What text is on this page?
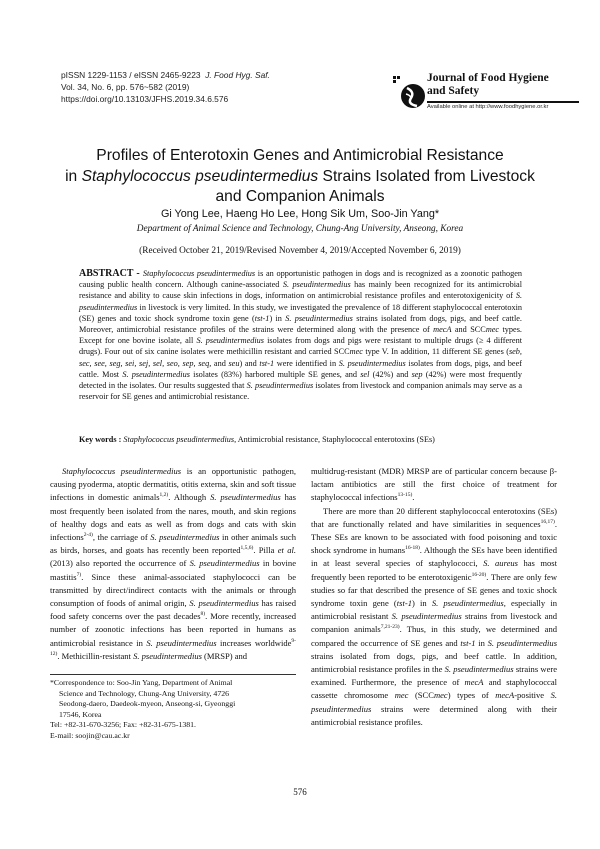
pISSN 1229-1153 / eISSN 2465-9223 J. Food Hyg. Saf.
Vol. 34, No. 6, pp. 576~582 (2019)
https://doi.org/10.13103/JFHS.2019.34.6.576
Journal of Food Hygiene
and Safety
Available online at http://www.foodhygiene.or.kr
Profiles of Enterotoxin Genes and Antimicrobial Resistance
in Staphylococcus pseudintermedius Strains Isolated from Livestock
and Companion Animals
Gi Yong Lee, Haeng Ho Lee, Hong Sik Um, Soo-Jin Yang*
Department of Animal Science and Technology, Chung-Ang University, Anseong, Korea
(Received October 21, 2019/Revised November 4, 2019/Accepted November 6, 2019)
ABSTRACT - Staphylococcus pseudintermedius is an opportunistic pathogen in dogs and is recognized as a zoonotic pathogen causing public health concern. Although canine-associated S. pseudintermedius has mainly been recognized for its antimicrobial resistance and ability to cause skin infections in dogs, information on antimicrobial resistance profiles and enterotoxigenicity of S. pseudintermedius in livestock is very limited. In this study, we investigated the prevalence of 18 different staphylococcal enterotoxin (SE) genes and toxic shock syndrome toxin gene (tst-1) in S. pseudintermedius strains isolated from dogs, pigs, and beef cattle. Moreover, antimicrobial resistance profiles of the strains were determined along with the presence of mecA and SCCmec types. Except for one bovine isolate, all S. pseudintermedius isolates from dogs and pigs were resistant to multiple drugs (≥ 4 different drugs). Four out of six canine isolates were methicillin resistant and carried SCCmec type V. In addition, 11 different SE genes (seb, sec, see, seg, sei, sej, sel, seo, sep, seq, and seu) and tst-1 were identified in S. pseudintermedius isolates from dogs, pigs, and beef cattle. Most S. pseudintermedius isolates (83%) harbored multiple SE genes, and sel (42%) and sep (42%) were most frequently detected in the isolates. Our results suggested that S. pseudintermedius isolates from livestock and companion animals may serve as a reservoir for SE genes and antimicrobial resistance.
Key words : Staphylococcus pseudintermedius, Antimicrobial resistance, Staphylococcal enterotoxins (SEs)

Staphylococcus pseudintermedius is an opportunistic pathogen, causing pyoderma, atoptic dermatitis, otitis externa, skin and soft tissue infections in domestic animals$^{1,2)}$. Although S. pseudintermedius has most frequently been isolated from the nares, mouth, and skin regions of healthy dogs and eats as well as from dogs and cats with skin infections$^{2-4)}$, the carriage of S. pseudintermedius in other animals such as birds, horses, and goats has recently been reported$^{1,5,6)}$. Pilla et al. (2013) also reported the occurrence of S. pseudintermedius in bovine mastitis$^{7)}$. Since these animal-associated staphylococci can be transmitted by direct/indirect contacts with the animals or through consumption of foods of animal origin, S. pseudintermedius has raised food safety concerns over the past decades$^{8)}$. More recently, increased number of zoonotic infections has been reported in humans as antimicrobial resistance in S. pseudintermedius increases worldwide$^{9-12)}$. Methicillin-resistant S. pseudintermedius (MRSP) and

multidrug-resistant (MDR) MRSP are of particular concern because β-lactam antibiotics are still the first choice of treatment for staphylococcal infections$^{13-15)}$.

There are more than 20 different staphylococcal enterotoxins (SEs) that are functionally related and have similarities in sequences$^{16,17)}$. These SEs are known to be associated with food poisoning and toxic shock syndrome in humans$^{16-18)}$. Although the SEs have been identified in at least several species of staphylococci, S. aureus has most frequently been reported to be enterotoxigenic$^{16-20)}$. There are only few studies so far that described the presence of SE genes and toxic shock syndrome toxin gene (tst-1) in S. pseudintermedius, especially in antimicrobial resistant S. pseudintermedius strains from livestock and companion animals$^{7,21-23)}$. Thus, in this study, we determined and compared the occurrence of SE genes and tst-1 in S. pseudintermedius strains isolated from dogs, pigs, and beef cattle. In addition, antimicrobial resistance profiles in the S. pseudintermedius strains were examined. Furthermore, the presence of mecA and staphylococcal cassette chromosome mec (SCCmec) types of mecA-positive S. pseudintermedius strains were determined along with their antimicrobial resistance profiles.

*Correspondence to: Soo-Jin Yang, Department of Animal
Science and Technology, Chung-Ang University, 4726
Seodong-daero, Daedeok-myeon, Anseong-si, Gyeonggi
17546, Korea
Tel: +82-31-670-3256; Fax: +82-31-675-1381.
E-mail: soojin@cau.ac.kr
576
